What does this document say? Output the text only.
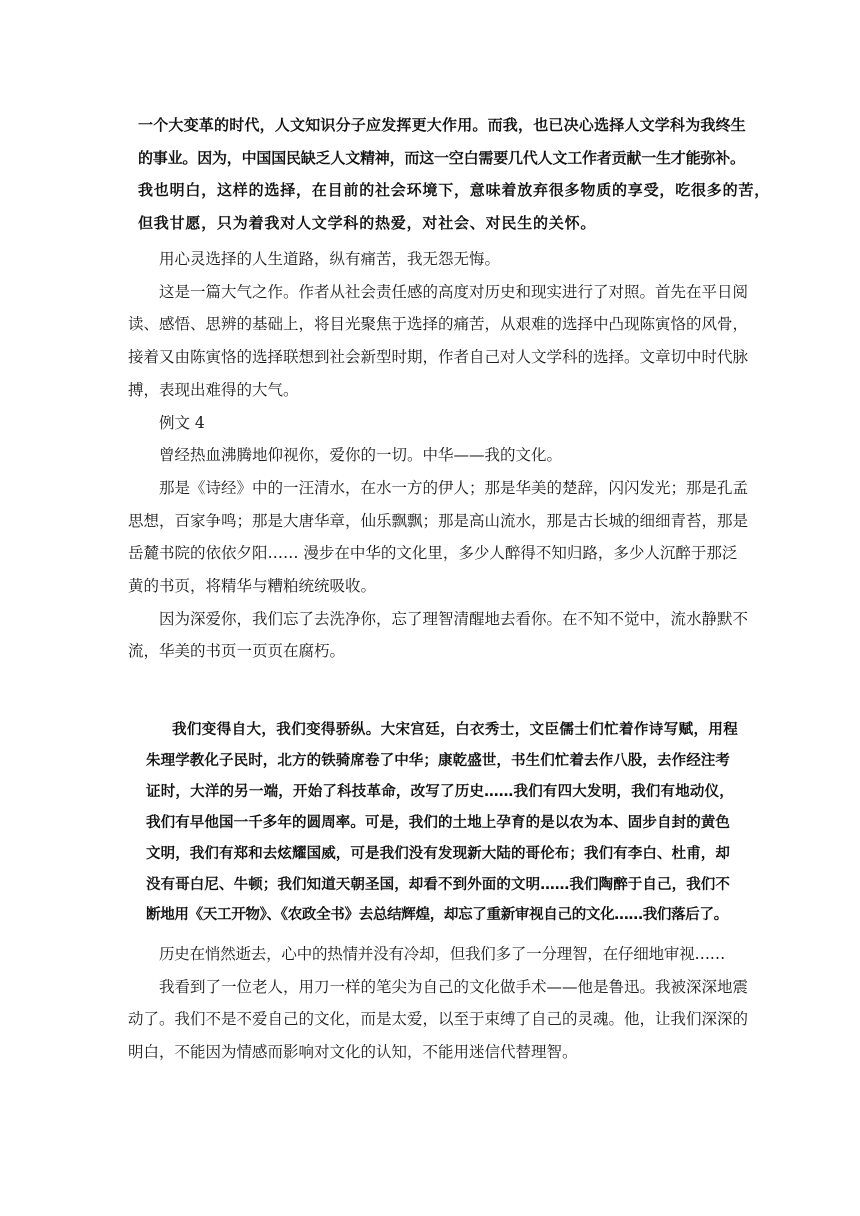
一个大变革的时代，人文知识分子应发挥更大作用。而我，也已决心选择人文学科为我终生
的事业。因为，中国国民缺乏人文精神，而这一空白需要几代人文工作者贡献一生才能弥补。
我也明白，这样的选择，在目前的社会环境下，意味着放弃很多物质的享受，吃很多的苦，
但我甘愿，只为着我对人文学科的热爱，对社会、对民生的关怀。

用心灵选择的人生道路，纵有痛苦，我无怨无悔。

这是一篇大气之作。作者从社会责任感的高度对历史和现实进行了对照。首先在平日阅读、感悟、思辨的基础上，将目光聚焦于选择的痛苦，从艰难的选择中凸现陈寅恪的风骨，接着又由陈寅恪的选择联想到社会新型时期，作者自己对人文学科的选择。文章切中时代脉搏，表现出难得的大气。

例文 4

曾经热血沸腾地仰视你，爱你的一切。中华——我的文化。

那是《诗经》中的一汪清水，在水一方的伊人；那是华美的楚辞，闪闪发光；那是孔孟思想，百家争鸣；那是大唐华章，仙乐飘飘；那是高山流水，那是古长城的细细青苔，那是岳麓书院的依依夕阳…… 漫步在中华的文化里，多少人醉得不知归路，多少人沉醉于那泛黄的书页，将精华与糟粕统统吸收。

因为深爱你，我们忘了去洗净你，忘了理智清醒地去看你。在不知不觉中，流水静默不流，华美的书页一页页在腐朽。

我们变得自大，我们变得骄纵。大宋宫廷，白衣秀士，文臣儒士们忙着作诗写赋，用程
朱理学教化子民时，北方的铁骑席卷了中华；康乾盛世，书生们忙着去作八股，去作经注考
证时，大洋的另一端，开始了科技革命，改写了历史……我们有四大发明，我们有地动仪，
我们有早他国一千多年的圆周率。可是，我们的土地上孕育的是以农为本、固步自封的黄色
文明，我们有郑和去炫耀国威，可是我们没有发现新大陆的哥伦布；我们有李白、杜甫，却
没有哥白尼、牛顿；我们知道天朝圣国，却看不到外面的文明……我们陶醉于自己，我们不
断地用《天工开物》、《农政全书》去总结辉煌，却忘了重新审视自己的文化……我们落后了。

历史在悄然逝去，心中的热情并没有冷却，但我们多了一分理智，在仔细地审视……

我看到了一位老人，用刀一样的笔尖为自己的文化做手术——他是鲁迅。我被深深地震动了。我们不是不爱自己的文化，而是太爱，以至于束缚了自己的灵魂。他，让我们深深的明白，不能因为情感而影响对文化的认知，不能用迷信代替理智。
